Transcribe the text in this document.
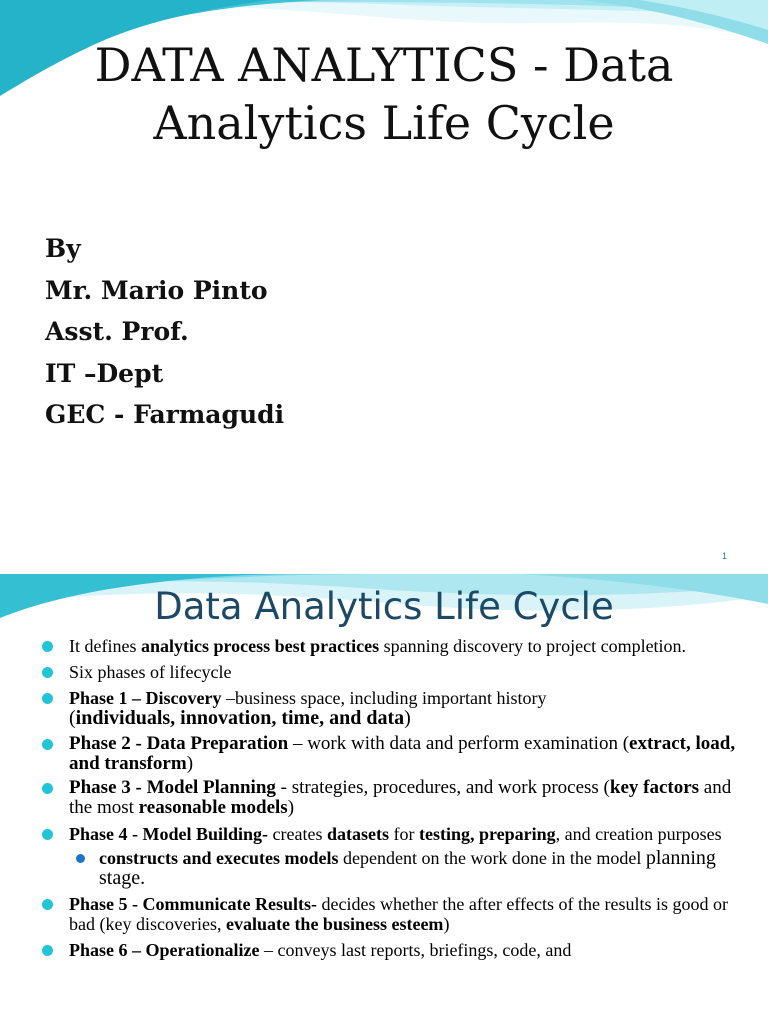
DATA ANALYTICS - Data
Analytics Life Cycle
By
Mr. Mario Pinto
Asst. Prof.
IT –Dept
GEC - Farmagudi
1
Data Analytics Life Cycle
It defines analytics process best practices spanning discovery to project completion.
Six phases of lifecycle
Phase 1 – Discovery –business space, including important history
(individuals, innovation, time, and data)
Phase 2 - Data Preparation – work with data and perform examination (extract, load, and transform)
Phase 3 - Model Planning - strategies, procedures, and work process (key factors and the most reasonable models)
Phase 4 - Model Building- creates datasets for testing, preparing, and creation purposes
constructs and executes models dependent on the work done in the model planning stage.
Phase 5 - Communicate Results- decides whether the after effects of the results is good or bad (key discoveries, evaluate the business esteem)
Phase 6 – Operationalize – conveys last reports, briefings, code, and
